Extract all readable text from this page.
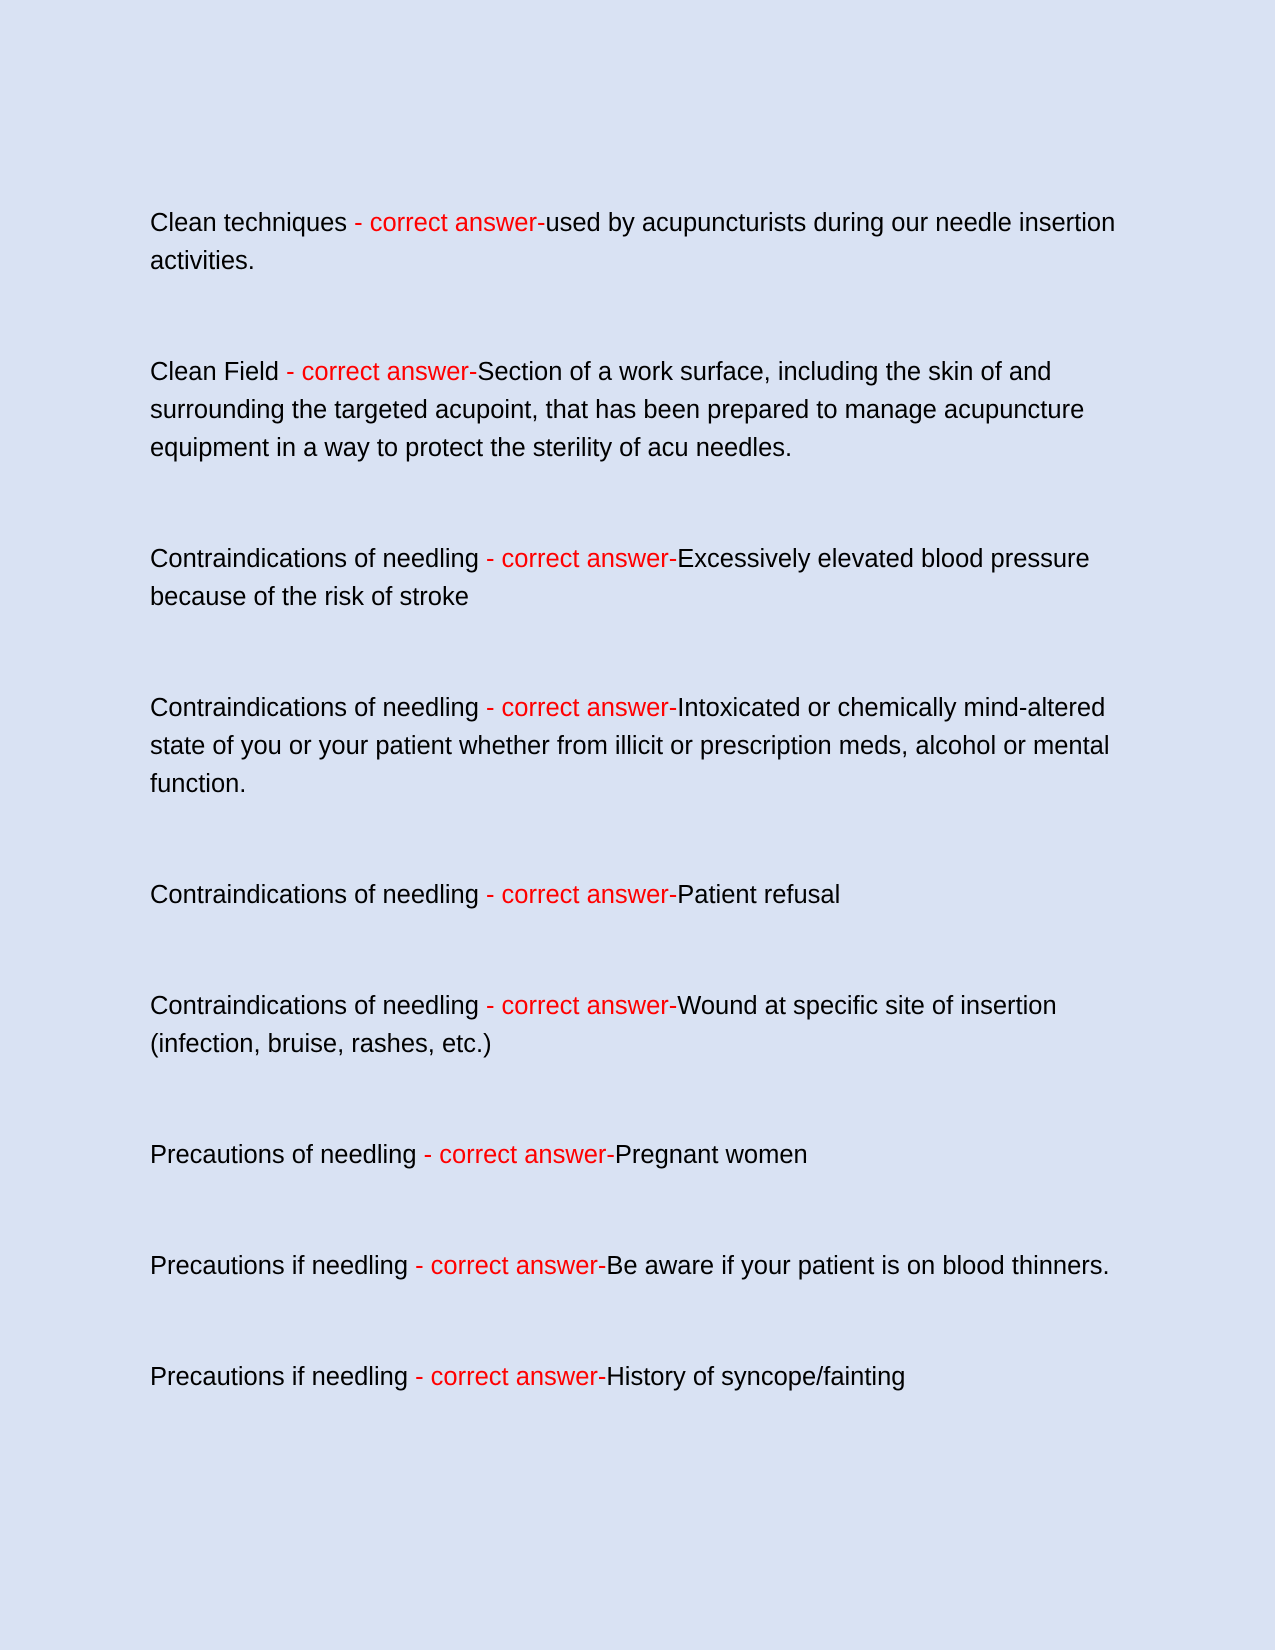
Clean techniques - correct answer-used by acupuncturists during our needle insertion activities.

Clean Field - correct answer-Section of a work surface, including the skin of and surrounding the targeted acupoint, that has been prepared to manage acupuncture equipment in a way to protect the sterility of acu needles.

Contraindications of needling - correct answer-Excessively elevated blood pressure because of the risk of stroke

Contraindications of needling - correct answer-Intoxicated or chemically mind-altered state of you or your patient whether from illicit or prescription meds, alcohol or mental function.

Contraindications of needling - correct answer-Patient refusal

Contraindications of needling - correct answer-Wound at specific site of insertion (infection, bruise, rashes, etc.)

Precautions of needling - correct answer-Pregnant women

Precautions if needling - correct answer-Be aware if your patient is on blood thinners.

Precautions if needling - correct answer-History of syncope/fainting
